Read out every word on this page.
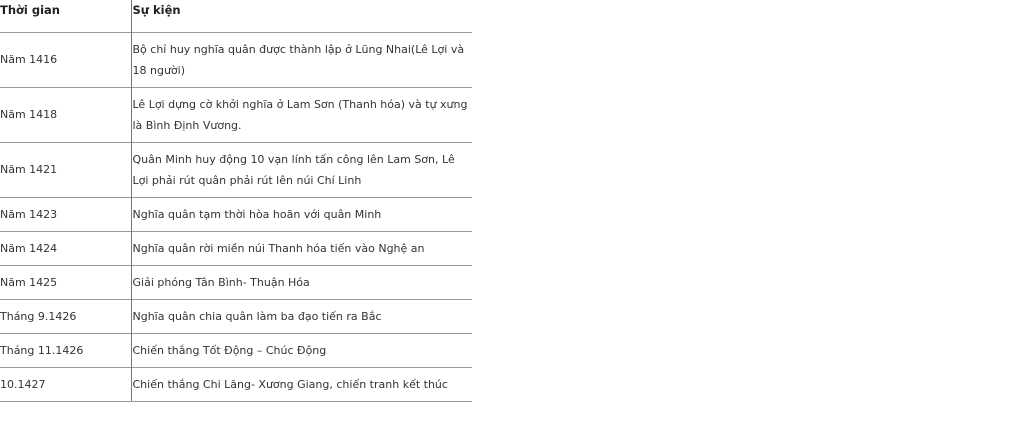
Thời gian	Sự kiện
Năm 1416	Bộ chỉ huy nghĩa quân được thành lập ở Lũng Nhai(Lê Lợi và 18 người)
Năm 1418	Lê Lợi dựng cờ khởi nghĩa ở Lam Sơn (Thanh hóa) và tự xưng là Bình Định Vương.
Năm 1421	Quân Minh huy động 10 vạn lính tấn công lên Lam Sơn, Lê Lợi phải rút quân phải rút lên núi Chí Linh
Năm 1423	Nghĩa quân tạm thời hòa hoãn với quân Minh
Năm 1424	Nghĩa quân rời miền núi Thanh hóa tiến vào Nghệ an
Năm 1425	Giải phóng Tân Bình- Thuận Hóa
Tháng 9.1426	Nghĩa quân chia quân làm ba đạo tiến ra Bắc
Tháng 11.1426	Chiến thắng Tốt Động – Chúc Động
10.1427	Chiến thắng Chi Lăng- Xương Giang, chiến tranh kết thúc
